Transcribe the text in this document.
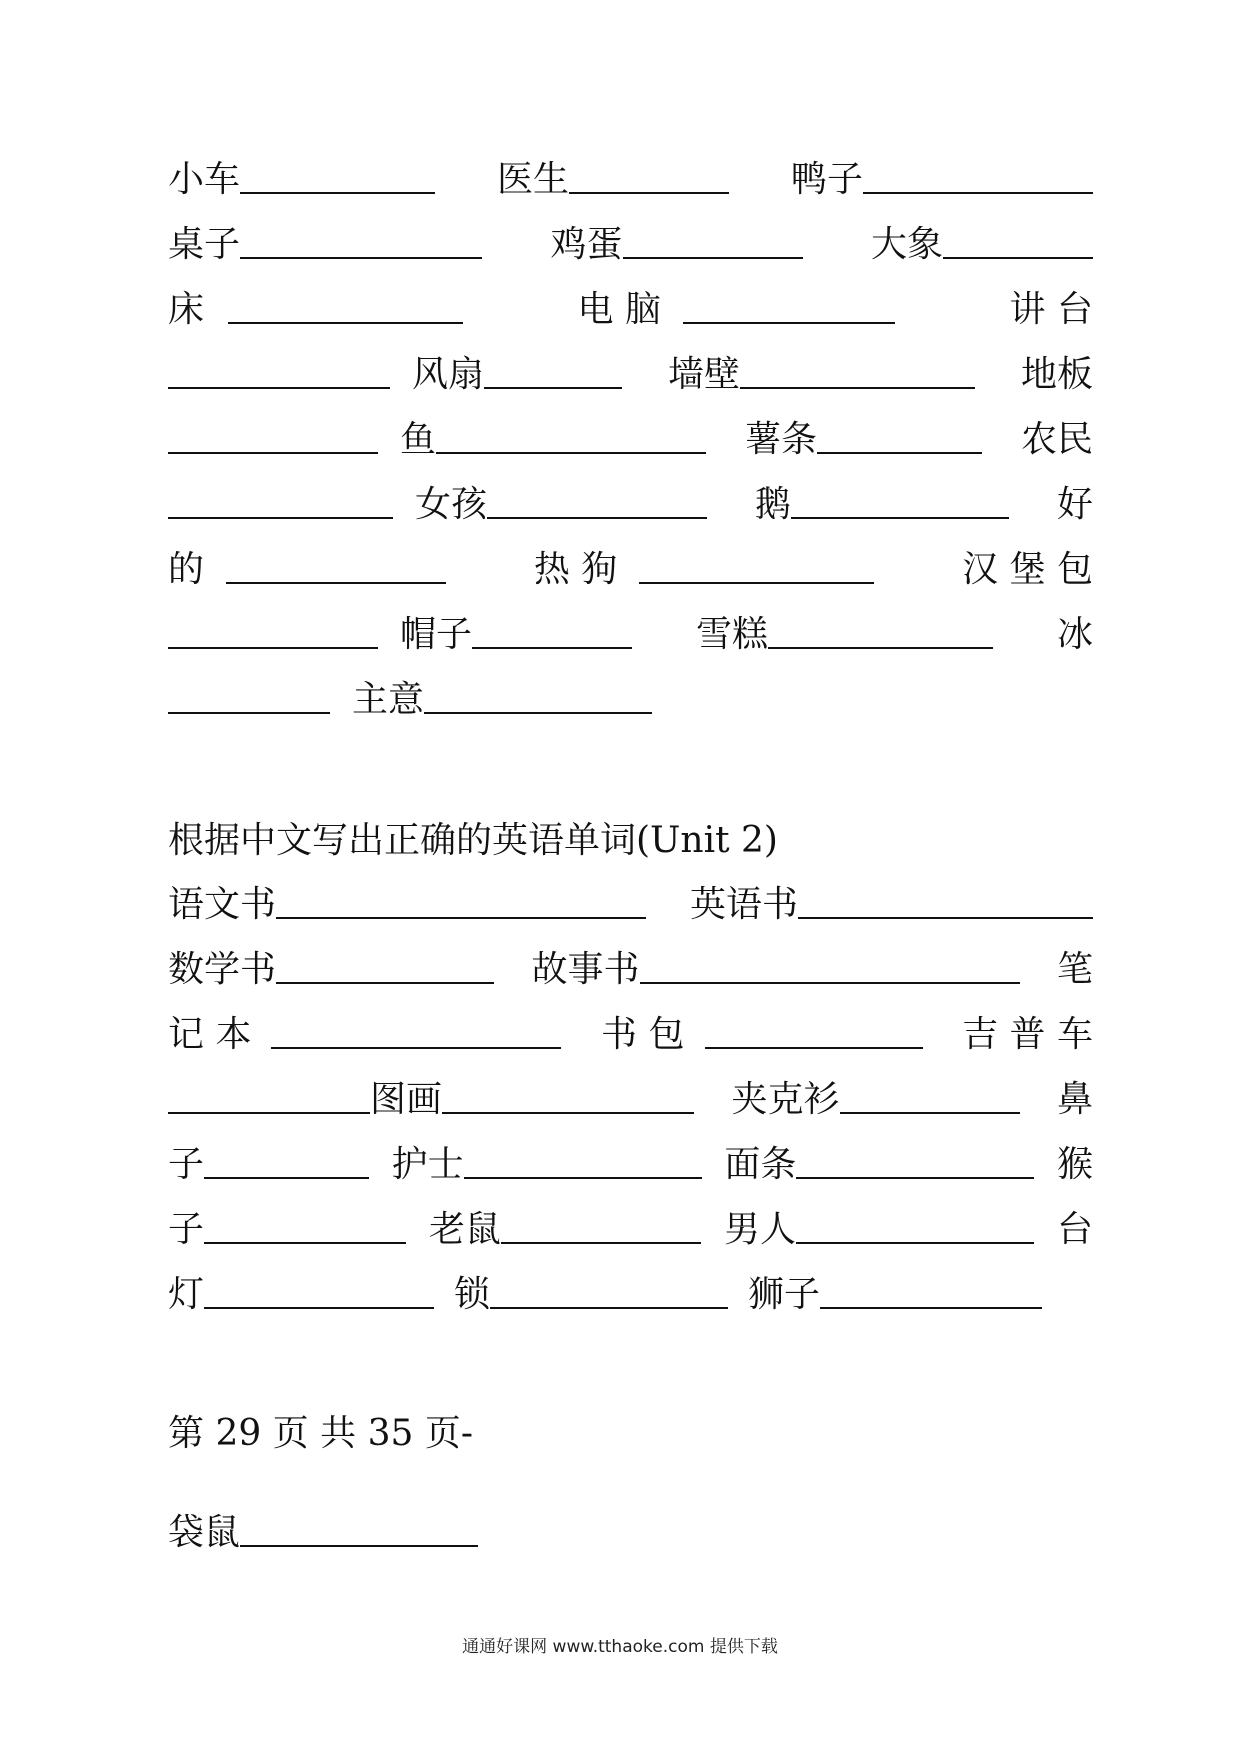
小车	医生	鸭子
桌子	鸡蛋	大象
床	电 脑	讲 台
风扇	墙壁	地板
鱼	薯条	农民
女孩	鹅	好
的	热 狗	汉 堡 包
帽子	雪糕	冰
主意
根据中文写出正确的英语单词(Unit 2)
语文书	英语书
数学书	故事书	笔
记 本	书 包	吉 普 车
图画	夹克衫	鼻
子	护士	面条	猴
子	老鼠	男人	台
灯	锁	狮子
第 29 页 共 35 页-
袋鼠
通通好课网 www.tthaoke.com 提供下载
